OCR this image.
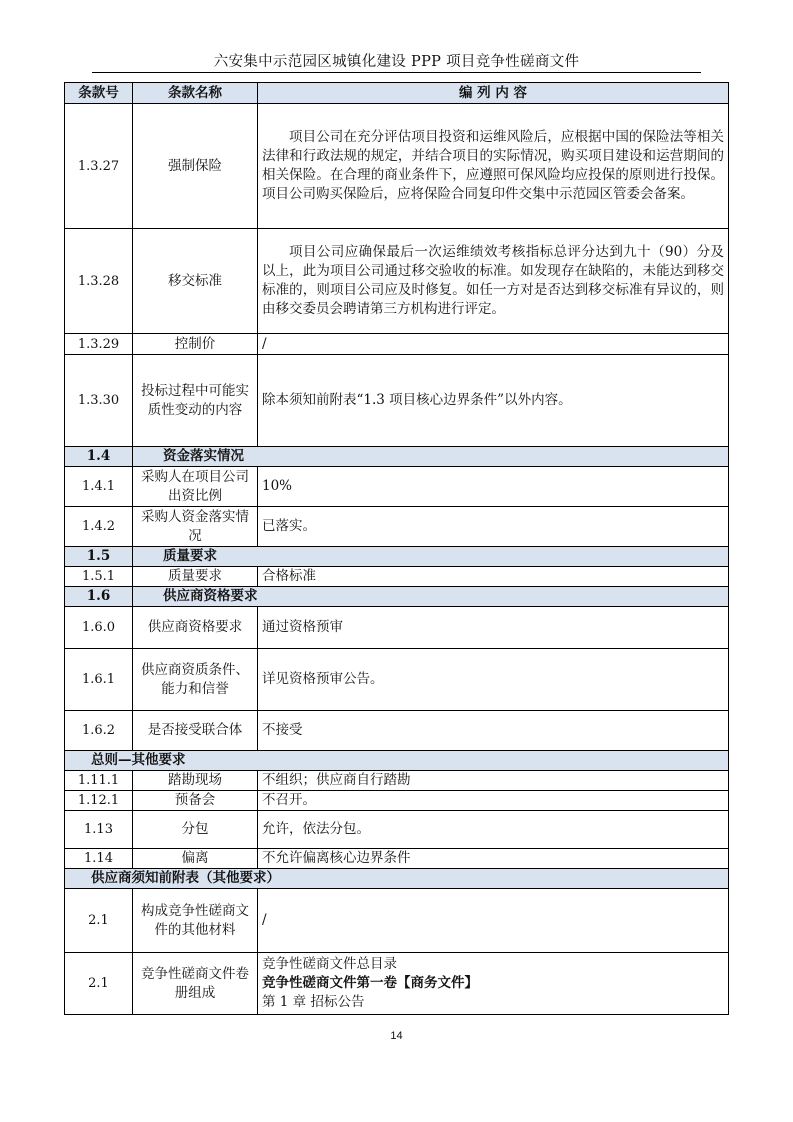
六安集中示范园区城镇化建设 PPP 项目竞争性磋商文件
条款号	条款名称	编 列 内 容
1.3.27	强制保险	项目公司在充分评估项目投资和运维风险后，应根据中国的保险法等相关法律和行政法规的规定，并结合项目的实际情况，购买项目建设和运营期间的相关保险。在合理的商业条件下，应遵照可保风险均应投保的原则进行投保。项目公司购买保险后，应将保险合同复印件交集中示范园区管委会备案。
1.3.28	移交标准	项目公司应确保最后一次运维绩效考核指标总评分达到九十（90）分及以上，此为项目公司通过移交验收的标准。如发现存在缺陷的，未能达到移交标准的，则项目公司应及时修复。如任一方对是否达到移交标准有异议的，则由移交委员会聘请第三方机构进行评定。
1.3.29	控制价	/
1.3.30	投标过程中可能实质性变动的内容	除本须知前附表“1.3 项目核心边界条件”以外内容。
1.4	资金落实情况	
1.4.1	采购人在项目公司出资比例	10%
1.4.2	采购人资金落实情况	已落实。
1.5	质量要求	
1.5.1	质量要求	合格标准
1.6	供应商资格要求	
1.6.0	供应商资格要求	通过资格预审
1.6.1	供应商资质条件、能力和信誉	详见资格预审公告。
1.6.2	是否接受联合体	不接受
总则—其他要求		
1.11.1	踏勘现场	不组织；供应商自行踏勘
1.12.1	预备会	不召开。
1.13	分包	允许，依法分包。
1.14	偏离	不允许偏离核心边界条件
供应商须知前附表（其他要求）		
2.1	构成竞争性磋商文件的其他材料	/
2.1	竞争性磋商文件卷册组成	竞争性磋商文件总目录
竞争性磋商文件第一卷【商务文件】
第 1 章 招标公告
14
